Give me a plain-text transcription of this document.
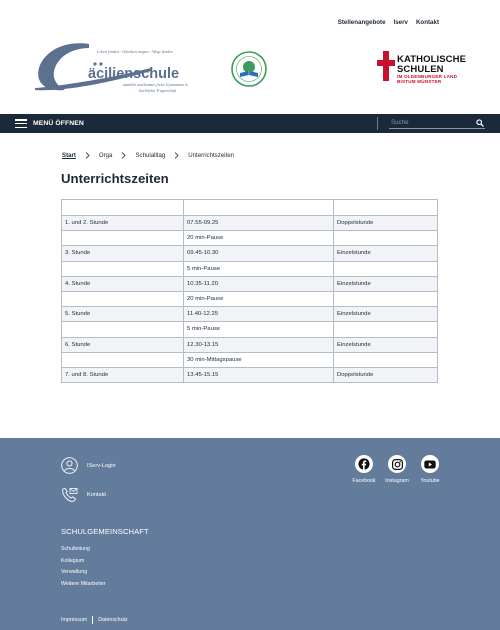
Stellenangebote Iserv Kontakt
Leben finden - Glauben wagen - Wege finden
äcilienschule
staatlich anerkanntes freies Gymnasium in
kirchlicher Trägerschaft
KATHOLISCHE
SCHULEN
IM OLDENBURGER LAND
BISTUM MÜNSTER
MENÜ ÖFFNEN
Suche
Start	Orga	Schulalltag	Unterrichtszeiten
Unterrichtszeiten

1. und 2. Stunde	07.55-09.25	Doppelstunde
	20 min-Pause	
3. Stunde	09.45-10.30	Einzelstunde
	5 min-Pause	
4. Stunde	10.35-11.20	Einzelstunde
	20 min-Pause	
5. Stunde	11.40-12.25	Einzelstunde
	5 min-Pause	
6. Stunde	12.30-13.15	Einzelstunde
	30 min-Mittagspause	
7. und 8. Stunde	13.45-15.15	Doppelstunde
IServ-Login
Kontakt
Facebook Instagram Youtube
SCHULGEMEINSCHAFT
Schulleitung
Kollegium
Verwaltung
Weitere Mitarbeiter
Impressum Datenschutz
